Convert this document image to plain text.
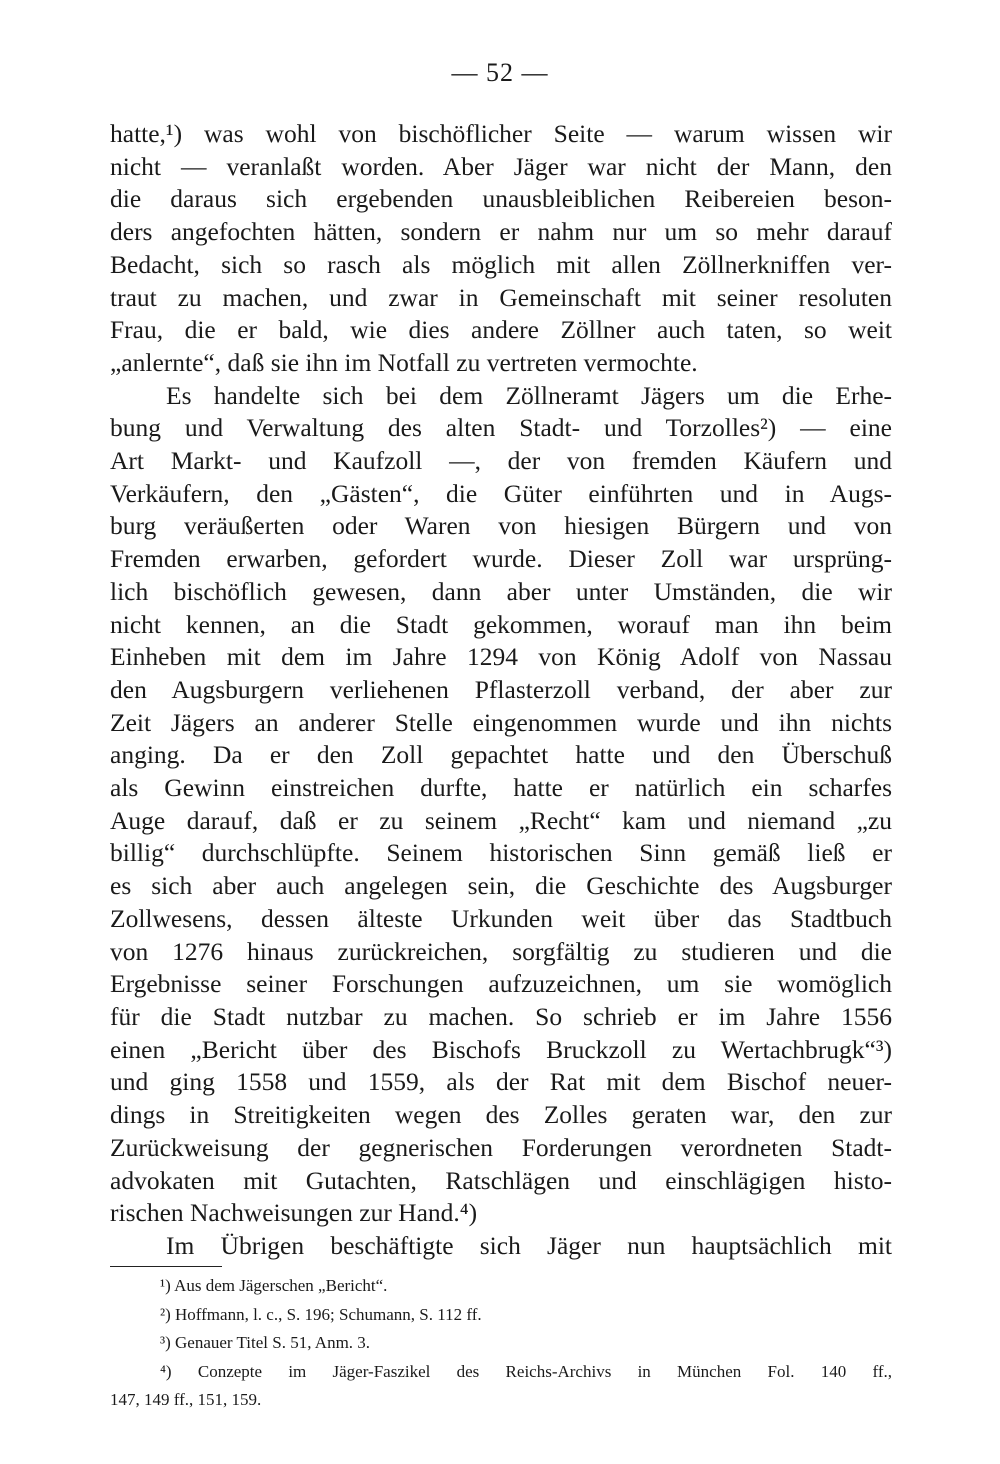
— 52 —
hatte,¹) was wohl von bischöflicher Seite — warum wissen wir
nicht — veranlaßt worden. Aber Jäger war nicht der Mann, den
die daraus sich ergebenden unausbleiblichen Reibereien beson-
ders angefochten hätten, sondern er nahm nur um so mehr darauf
Bedacht, sich so rasch als möglich mit allen Zöllnerkniffen ver-
traut zu machen, und zwar in Gemeinschaft mit seiner resoluten
Frau, die er bald, wie dies andere Zöllner auch taten, so weit
„anlernte“, daß sie ihn im Notfall zu vertreten vermochte.
Es handelte sich bei dem Zöllneramt Jägers um die Erhe-
bung und Verwaltung des alten Stadt- und Torzolles²) — eine
Art Markt- und Kaufzoll —, der von fremden Käufern und
Verkäufern, den „Gästen“, die Güter einführten und in Augs-
burg veräußerten oder Waren von hiesigen Bürgern und von
Fremden erwarben, gefordert wurde. Dieser Zoll war ursprüng-
lich bischöflich gewesen, dann aber unter Umständen, die wir
nicht kennen, an die Stadt gekommen, worauf man ihn beim
Einheben mit dem im Jahre 1294 von König Adolf von Nassau
den Augsburgern verliehenen Pflasterzoll verband, der aber zur
Zeit Jägers an anderer Stelle eingenommen wurde und ihn nichts
anging. Da er den Zoll gepachtet hatte und den Überschuß
als Gewinn einstreichen durfte, hatte er natürlich ein scharfes
Auge darauf, daß er zu seinem „Recht“ kam und niemand „zu
billig“ durchschlüpfte. Seinem historischen Sinn gemäß ließ er
es sich aber auch angelegen sein, die Geschichte des Augsburger
Zollwesens, dessen älteste Urkunden weit über das Stadtbuch
von 1276 hinaus zurückreichen, sorgfältig zu studieren und die
Ergebnisse seiner Forschungen aufzuzeichnen, um sie womöglich
für die Stadt nutzbar zu machen. So schrieb er im Jahre 1556
einen „Bericht über des Bischofs Bruckzoll zu Wertachbrugk“³)
und ging 1558 und 1559, als der Rat mit dem Bischof neuer-
dings in Streitigkeiten wegen des Zolles geraten war, den zur
Zurückweisung der gegnerischen Forderungen verordneten Stadt-
advokaten mit Gutachten, Ratschlägen und einschlägigen histo-
rischen Nachweisungen zur Hand.⁴)
Im Übrigen beschäftigte sich Jäger nun hauptsächlich mit
¹) Aus dem Jägerschen „Bericht“.
²) Hoffmann, l. c., S. 196; Schumann, S. 112 ff.
³) Genauer Titel S. 51, Anm. 3.
⁴) Conzepte im Jäger-Faszikel des Reichs-Archivs in München Fol. 140 ff.,
147, 149 ff., 151, 159.
